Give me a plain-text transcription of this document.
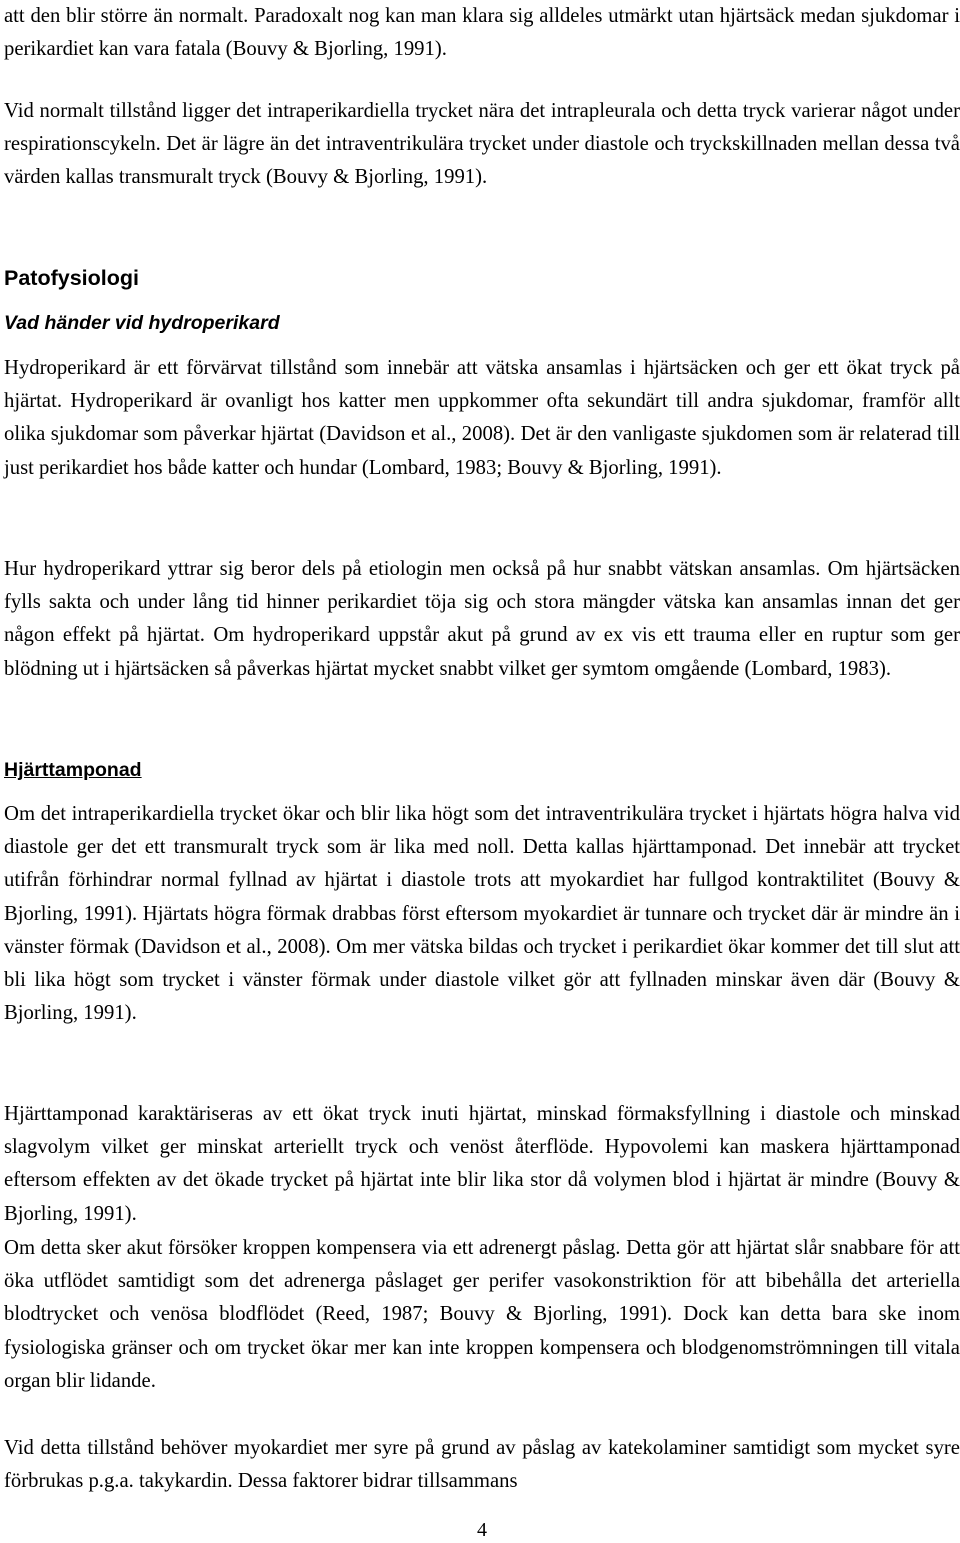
att den blir större än normalt. Paradoxalt nog kan man klara sig alldeles utmärkt utan hjärtsäck medan sjukdomar i perikardiet kan vara fatala (Bouvy & Bjorling, 1991).

Vid normalt tillstånd ligger det intraperikardiella trycket nära det intrapleurala och detta tryck varierar något under respirationscykeln. Det är lägre än det intraventrikulära trycket under diastole och tryckskillnaden mellan dessa två värden kallas transmuralt tryck (Bouvy & Bjorling, 1991).

Patofysiologi
Vad händer vid hydroperikard

Hydroperikard är ett förvärvat tillstånd som innebär att vätska ansamlas i hjärtsäcken och ger ett ökat tryck på hjärtat. Hydroperikard är ovanligt hos katter men uppkommer ofta sekundärt till andra sjukdomar, framför allt olika sjukdomar som påverkar hjärtat (Davidson et al., 2008). Det är den vanligaste sjukdomen som är relaterad till just perikardiet hos både katter och hundar (Lombard, 1983; Bouvy & Bjorling, 1991).

Hur hydroperikard yttrar sig beror dels på etiologin men också på hur snabbt vätskan ansamlas. Om hjärtsäcken fylls sakta och under lång tid hinner perikardiet töja sig och stora mängder vätska kan ansamlas innan det ger någon effekt på hjärtat. Om hydroperikard uppstår akut på grund av ex vis ett trauma eller en ruptur som ger blödning ut i hjärtsäcken så påverkas hjärtat mycket snabbt vilket ger symtom omgående (Lombard, 1983).

Hjärttamponad

Om det intraperikardiella trycket ökar och blir lika högt som det intraventrikulära trycket i hjärtats högra halva vid diastole ger det ett transmuralt tryck som är lika med noll. Detta kallas hjärttamponad. Det innebär att trycket utifrån förhindrar normal fyllnad av hjärtat i diastole trots att myokardiet har fullgod kontraktilitet (Bouvy & Bjorling, 1991). Hjärtats högra förmak drabbas först eftersom myokardiet är tunnare och trycket där är mindre än i vänster förmak (Davidson et al., 2008). Om mer vätska bildas och trycket i perikardiet ökar kommer det till slut att bli lika högt som trycket i vänster förmak under diastole vilket gör att fyllnaden minskar även där (Bouvy & Bjorling, 1991).

Hjärttamponad karaktäriseras av ett ökat tryck inuti hjärtat, minskad förmaksfyllning i diastole och minskad slagvolym vilket ger minskat arteriellt tryck och venöst återflöde. Hypovolemi kan maskera hjärttamponad eftersom effekten av det ökade trycket på hjärtat inte blir lika stor då volymen blod i hjärtat är mindre (Bouvy & Bjorling, 1991).

Om detta sker akut försöker kroppen kompensera via ett adrenergt påslag. Detta gör att hjärtat slår snabbare för att öka utflödet samtidigt som det adrenerga påslaget ger perifer vasokonstriktion för att bibehålla det arteriella blodtrycket och venösa blodflödet (Reed, 1987; Bouvy & Bjorling, 1991). Dock kan detta bara ske inom fysiologiska gränser och om trycket ökar mer kan inte kroppen kompensera och blodgenomströmningen till vitala organ blir lidande.

Vid detta tillstånd behöver myokardiet mer syre på grund av påslag av katekolaminer samtidigt som mycket syre förbrukas p.g.a. takykardin. Dessa faktorer bidrar tillsammans

4
